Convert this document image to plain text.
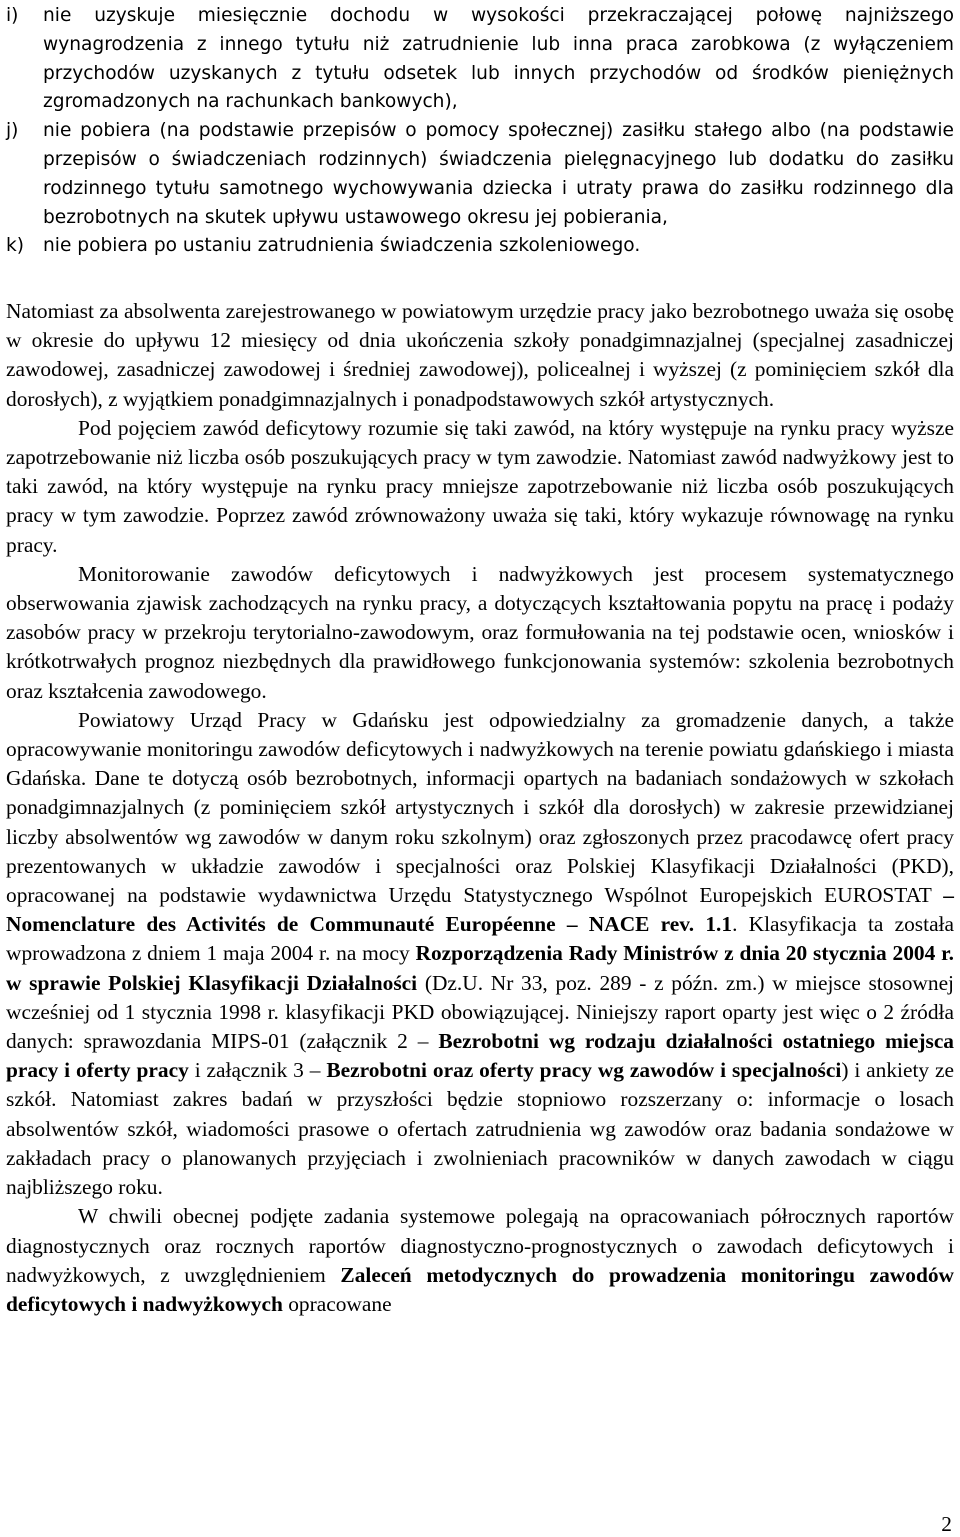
i) nie uzyskuje miesięcznie dochodu w wysokości przekraczającej połowę najniższego wynagrodzenia z innego tytułu niż zatrudnienie lub inna praca zarobkowa (z wyłączeniem przychodów uzyskanych z tytułu odsetek lub innych przychodów od środków pieniężnych zgromadzonych na rachunkach bankowych),

j) nie pobiera (na podstawie przepisów o pomocy społecznej) zasiłku stałego albo (na podstawie przepisów o świadczeniach rodzinnych) świadczenia pielęgnacyjnego lub dodatku do zasiłku rodzinnego tytułu samotnego wychowywania dziecka i utraty prawa do zasiłku rodzinnego dla bezrobotnych na skutek upływu ustawowego okresu jej pobierania,

k) nie pobiera po ustaniu zatrudnienia świadczenia szkoleniowego.

Natomiast za absolwenta zarejestrowanego w powiatowym urzędzie pracy jako bezrobotnego uważa się osobę w okresie do upływu 12 miesięcy od dnia ukończenia szkoły ponadgimnazjalnej (specjalnej zasadniczej zawodowej, zasadniczej zawodowej i średniej zawodowej), policealnej i wyższej (z pominięciem szkół dla dorosłych), z wyjątkiem ponadgimnazjalnych i ponadpodstawowych szkół artystycznych.

Pod pojęciem zawód deficytowy rozumie się taki zawód, na który występuje na rynku pracy wyższe zapotrzebowanie niż liczba osób poszukujących pracy w tym zawodzie. Natomiast zawód nadwyżkowy jest to taki zawód, na który występuje na rynku pracy mniejsze zapotrzebowanie niż liczba osób poszukujących pracy w tym zawodzie. Poprzez zawód zrównoważony uważa się taki, który wykazuje równowagę na rynku pracy.

Monitorowanie zawodów deficytowych i nadwyżkowych jest procesem systematycznego obserwowania zjawisk zachodzących na rynku pracy, a dotyczących kształtowania popytu na pracę i podaży zasobów pracy w przekroju terytorialno-zawodowym, oraz formułowania na tej podstawie ocen, wniosków i krótkotrwałych prognoz niezbędnych dla prawidłowego funkcjonowania systemów: szkolenia bezrobotnych oraz kształcenia zawodowego.

Powiatowy Urząd Pracy w Gdańsku jest odpowiedzialny za gromadzenie danych, a także opracowywanie monitoringu zawodów deficytowych i nadwyżkowych na terenie powiatu gdańskiego i miasta Gdańska. Dane te dotyczą osób bezrobotnych, informacji opartych na badaniach sondażowych w szkołach ponadgimnazjalnych (z pominięciem szkół artystycznych i szkół dla dorosłych) w zakresie przewidzianej liczby absolwentów wg zawodów w danym roku szkolnym) oraz zgłoszonych przez pracodawcę ofert pracy prezentowanych w układzie zawodów i specjalności oraz Polskiej Klasyfikacji Działalności (PKD), opracowanej na podstawie wydawnictwa Urzędu Statystycznego Wspólnot Europejskich EUROSTAT – Nomenclature des Activités de Communauté Européenne – NACE rev. 1.1. Klasyfikacja ta została wprowadzona z dniem 1 maja 2004 r. na mocy Rozporządzenia Rady Ministrów z dnia 20 stycznia 2004 r. w sprawie Polskiej Klasyfikacji Działalności (Dz.U. Nr 33, poz. 289 - z późn. zm.) w miejsce stosownej wcześniej od 1 stycznia 1998 r. klasyfikacji PKD obowiązującej. Niniejszy raport oparty jest więc o 2 źródła danych: sprawozdania MIPS-01 (załącznik 2 – Bezrobotni wg rodzaju działalności ostatniego miejsca pracy i oferty pracy i załącznik 3 – Bezrobotni oraz oferty pracy wg zawodów i specjalności) i ankiety ze szkół. Natomiast zakres badań w przyszłości będzie stopniowo rozszerzany o: informacje o losach absolwentów szkół, wiadomości prasowe o ofertach zatrudnienia wg zawodów oraz badania sondażowe w zakładach pracy o planowanych przyjęciach i zwolnieniach pracowników w danych zawodach w ciągu najbliższego roku.

W chwili obecnej podjęte zadania systemowe polegają na opracowaniach półrocznych raportów diagnostycznych oraz rocznych raportów diagnostyczno-prognostycznych o zawodach deficytowych i nadwyżkowych, z uwzględnieniem Zaleceń metodycznych do prowadzenia monitoringu zawodów deficytowych i nadwyżkowych opracowane

2
